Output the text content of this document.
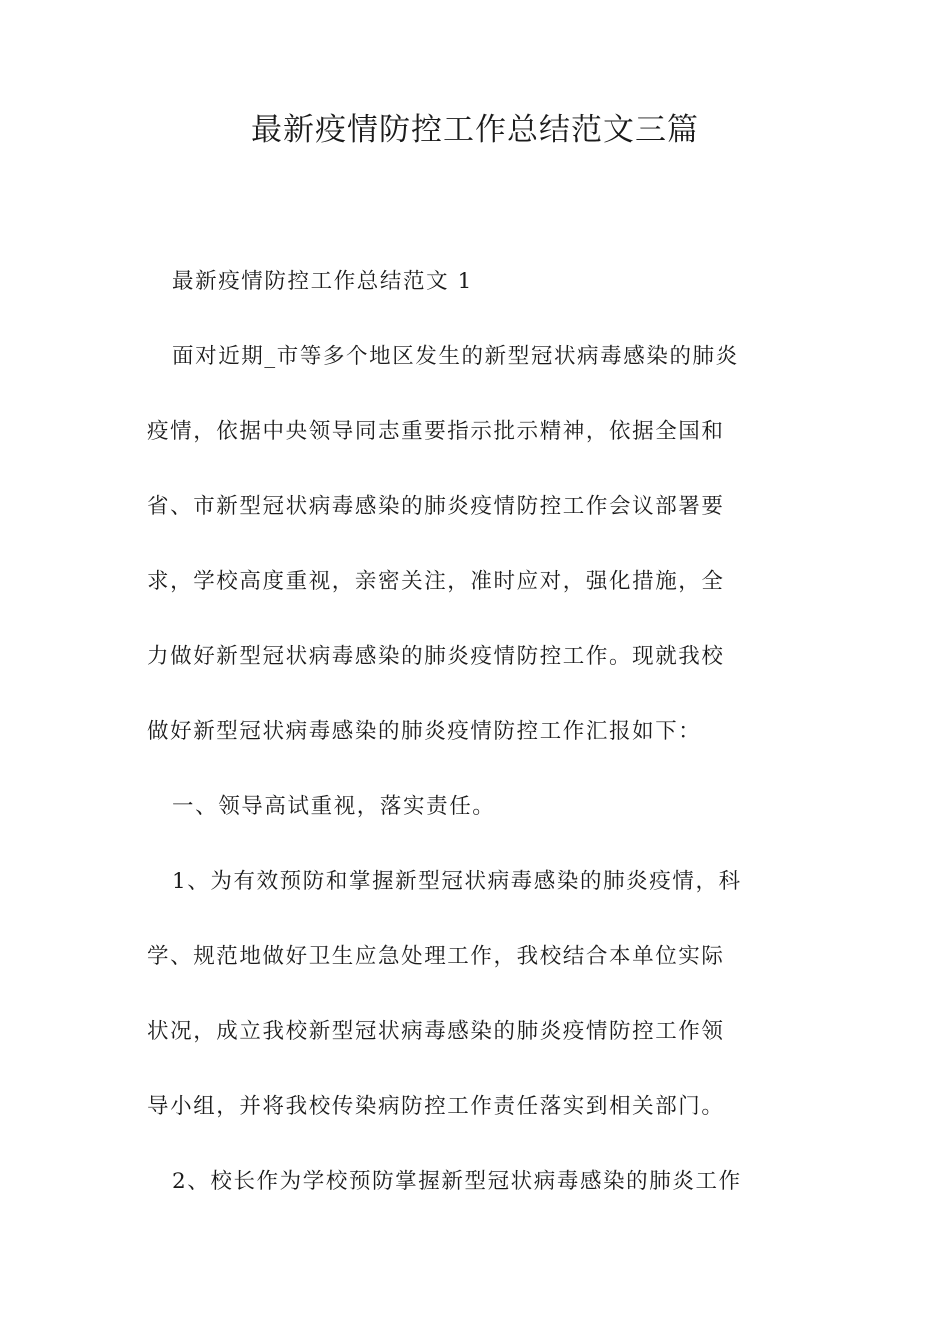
最新疫情防控工作总结范文三篇

最新疫情防控工作总结范文 1

面对近期_市等多个地区发生的新型冠状病毒感染的肺炎

疫情，依据中央领导同志重要指示批示精神，依据全国和

省、市新型冠状病毒感染的肺炎疫情防控工作会议部署要

求，学校高度重视，亲密关注，准时应对，强化措施，全

力做好新型冠状病毒感染的肺炎疫情防控工作。现就我校

做好新型冠状病毒感染的肺炎疫情防控工作汇报如下：

一、领导高试重视，落实责任。

1、为有效预防和掌握新型冠状病毒感染的肺炎疫情，科

学、规范地做好卫生应急处理工作，我校结合本单位实际

状况，成立我校新型冠状病毒感染的肺炎疫情防控工作领

导小组，并将我校传染病防控工作责任落实到相关部门。

2、校长作为学校预防掌握新型冠状病毒感染的肺炎工作
